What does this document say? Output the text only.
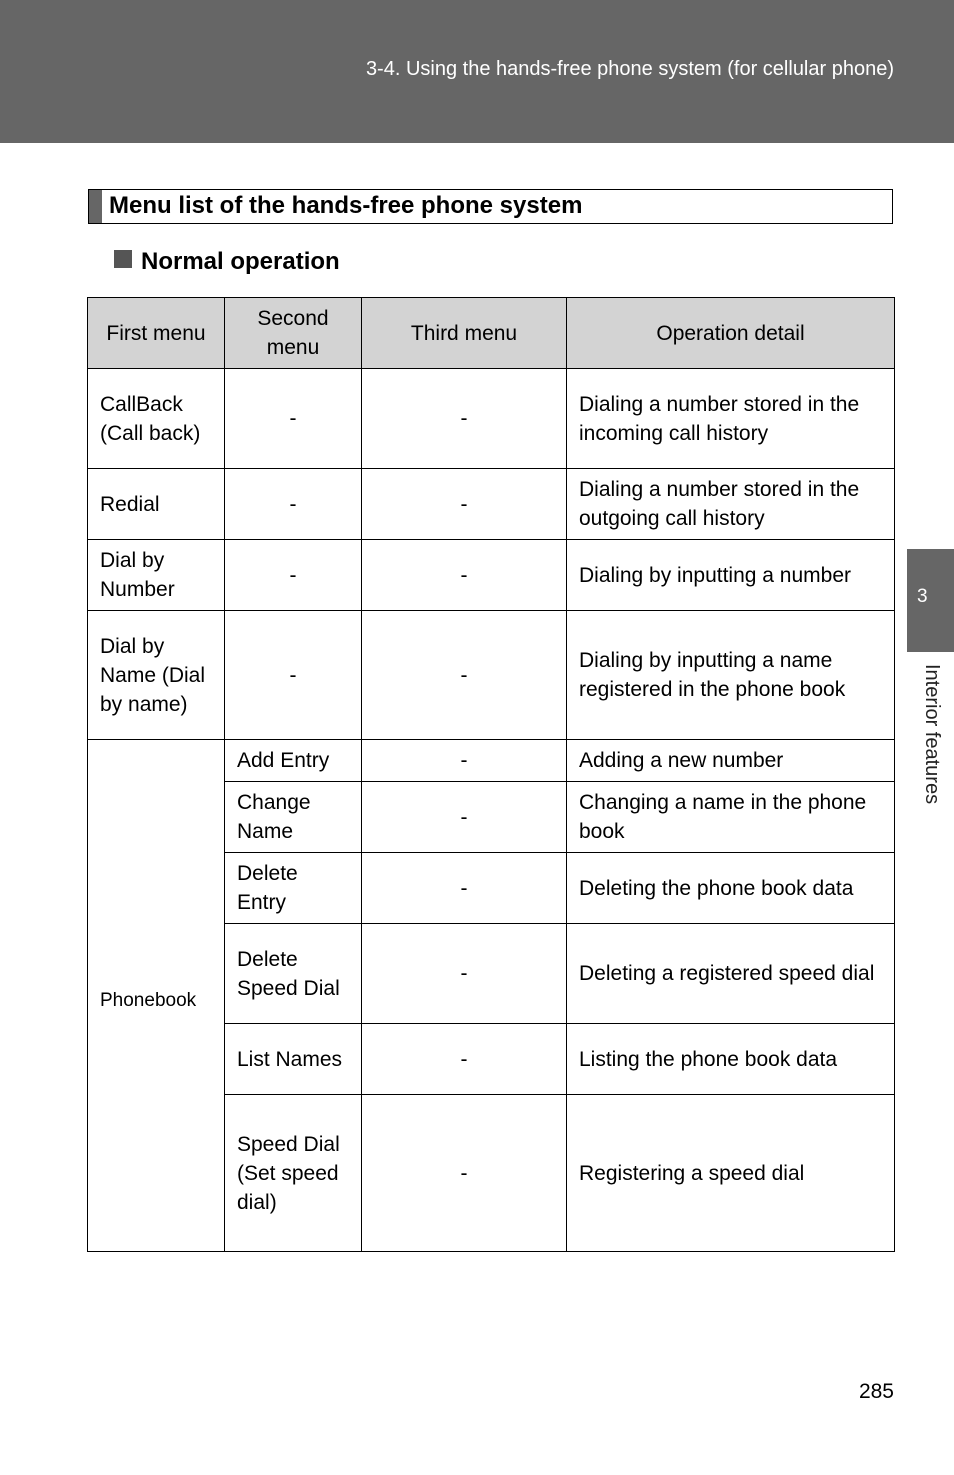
3-4. Using the hands-free phone system (for cellular phone)
Menu list of the hands-free phone system
Normal operation
First menu	Second menu	Third menu	Operation detail
CallBack (Call back)	-	-	Dialing a number stored in the incoming call history
Redial	-	-	Dialing a number stored in the outgoing call history
Dial by Number	-	-	Dialing by inputting a number
Dial by Name (Dial by name)	-	-	Dialing by inputting a name registered in the phone book
Phonebook	Add Entry	-	Adding a new number
	Change Name	-	Changing a name in the phone book
	Delete Entry	-	Deleting the phone book data
	Delete Speed Dial	-	Deleting a registered speed dial
	List Names	-	Listing the phone book data
	Speed Dial (Set speed dial)	-	Registering a speed dial
3
Interior features
285
